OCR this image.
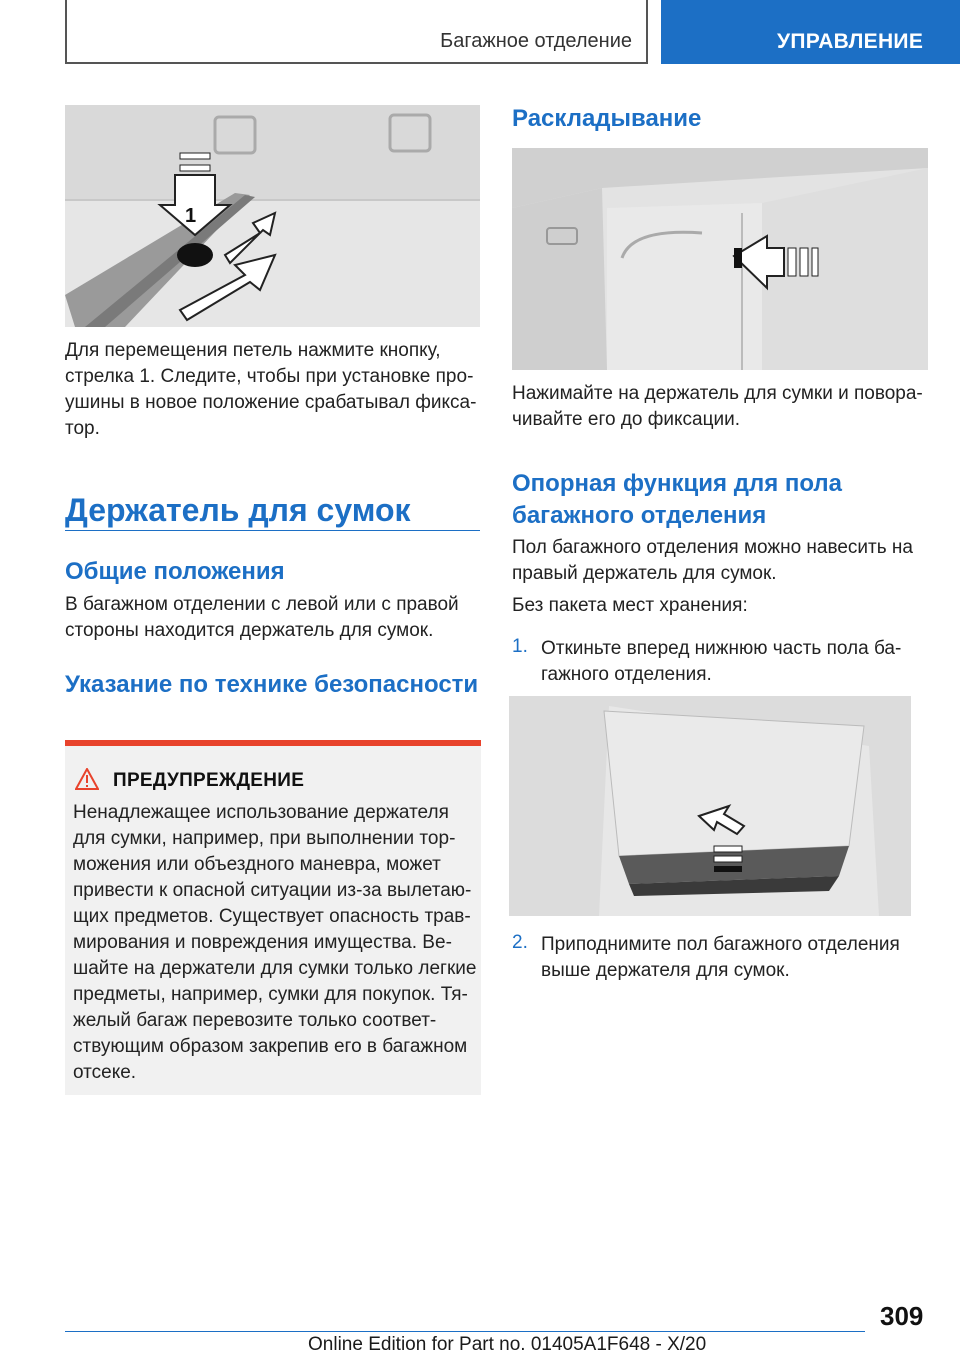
Багажное отделение	УПРАВЛЕНИЕ
1

Для перемещения петель нажмите кнопку, стрелка 1. Следите, чтобы при установке проушины в новое положение срабатывал фиксатор.

Держатель для сумок
Общие положения

В багажном отделении с левой или с правой стороны находится держатель для сумок.

Указание по технике безопасности
ПРЕДУПРЕЖДЕНИЕ

Ненадлежащее использование держателя для сумки, например, при выполнении торможения или объездного маневра, может привести к опасной ситуации из-за вылетающих предметов. Существует опасность травмирования и повреждения имущества. Вешайте на держатели для сумки только легкие предметы, например, сумки для покупок. Тяжелый багаж перевозите только соответствующим образом закрепив его в багажном отсеке.

Раскладывание

Нажимайте на держатель для сумки и поворачивайте его до фиксации.

Опорная функция для пола багажного отделения

Пол багажного отделения можно навесить на правый держатель для сумок.

Без пакета мест хранения:

1. Откиньте вперед нижнюю часть пола багажного отделения.

2. Приподнимите пол багажного отделения выше держателя для сумок.

309
Online Edition for Part no. 01405A1F648 - X/20
